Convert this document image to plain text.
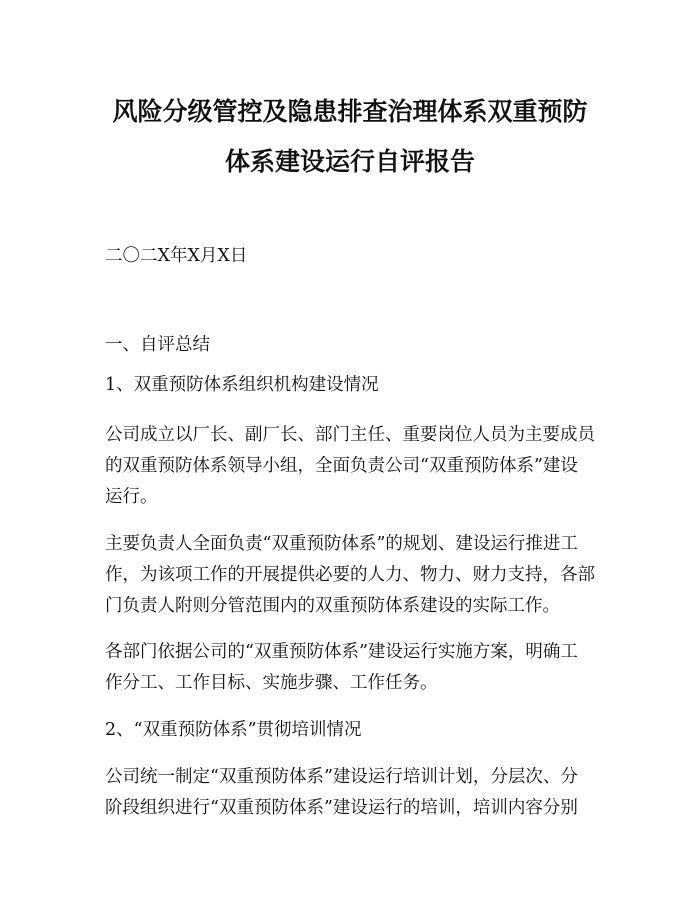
风险分级管控及隐患排查治理体系双重预防
体系建设运行自评报告

二〇二X年X月X日

一、自评总结

1、双重预防体系组织机构建设情况

公司成立以厂长、副厂长、部门主任、重要岗位人员为主要成员

的双重预防体系领导小组，全面负责公司“双重预防体系”建设

运行。

主要负责人全面负责“双重预防体系”的规划、建设运行推进工

作，为该项工作的开展提供必要的人力、物力、财力支持，各部

门负责人附则分管范围内的双重预防体系建设的实际工作。

各部门依据公司的“双重预防体系”建设运行实施方案，明确工

作分工、工作目标、实施步骤、工作任务。

2、“双重预防体系”贯彻培训情况

公司统一制定“双重预防体系”建设运行培训计划，分层次、分

阶段组织进行“双重预防体系”建设运行的培训，培训内容分别
